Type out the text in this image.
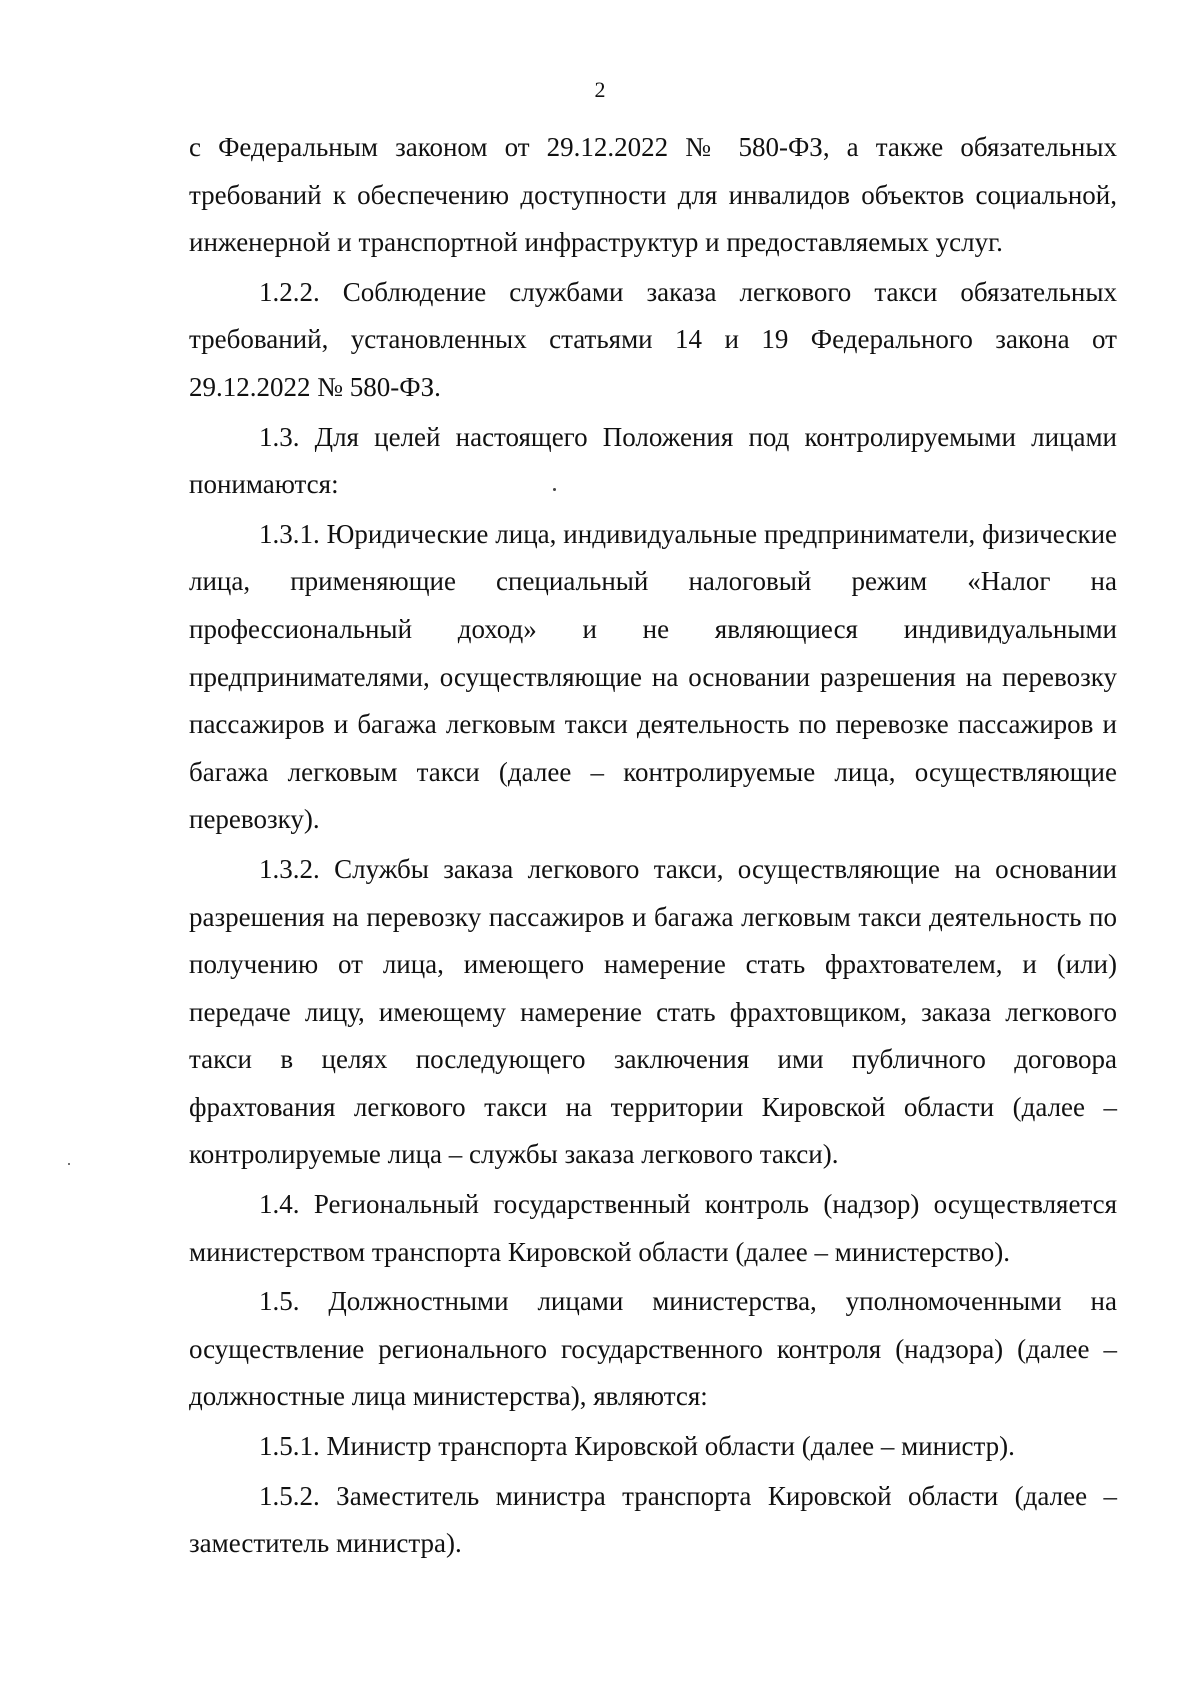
2

с Федеральным законом от 29.12.2022 № 580-ФЗ, а также обязательных требований к обеспечению доступности для инвалидов объектов социальной, инженерной и транспортной инфраструктур и предоставляемых услуг.

1.2.2. Соблюдение службами заказа легкового такси обязательных требований, установленных статьями 14 и 19 Федерального закона от 29.12.2022 № 580-ФЗ.

1.3. Для целей настоящего Положения под контролируемыми лицами понимаются:

1.3.1. Юридические лица, индивидуальные предприниматели, физические лица, применяющие специальный налоговый режим «Налог на профессиональный доход» и не являющиеся индивидуальными предпринимателями, осуществляющие на основании разрешения на перевозку пассажиров и багажа легковым такси деятельность по перевозке пассажиров и багажа легковым такси (далее – контролируемые лица, осуществляющие перевозку).

1.3.2. Службы заказа легкового такси, осуществляющие на основании разрешения на перевозку пассажиров и багажа легковым такси деятельность по получению от лица, имеющего намерение стать фрахтователем, и (или) передаче лицу, имеющему намерение стать фрахтовщиком, заказа легкового такси в целях последующего заключения ими публичного договора фрахтования легкового такси на территории Кировской области (далее – контролируемые лица – службы заказа легкового такси).

1.4. Региональный государственный контроль (надзор) осуществляется министерством транспорта Кировской области (далее – министерство).

1.5. Должностными лицами министерства, уполномоченными на осуществление регионального государственного контроля (надзора) (далее – должностные лица министерства), являются:

1.5.1. Министр транспорта Кировской области (далее – министр).

1.5.2. Заместитель министра транспорта Кировской области (далее – заместитель министра).
